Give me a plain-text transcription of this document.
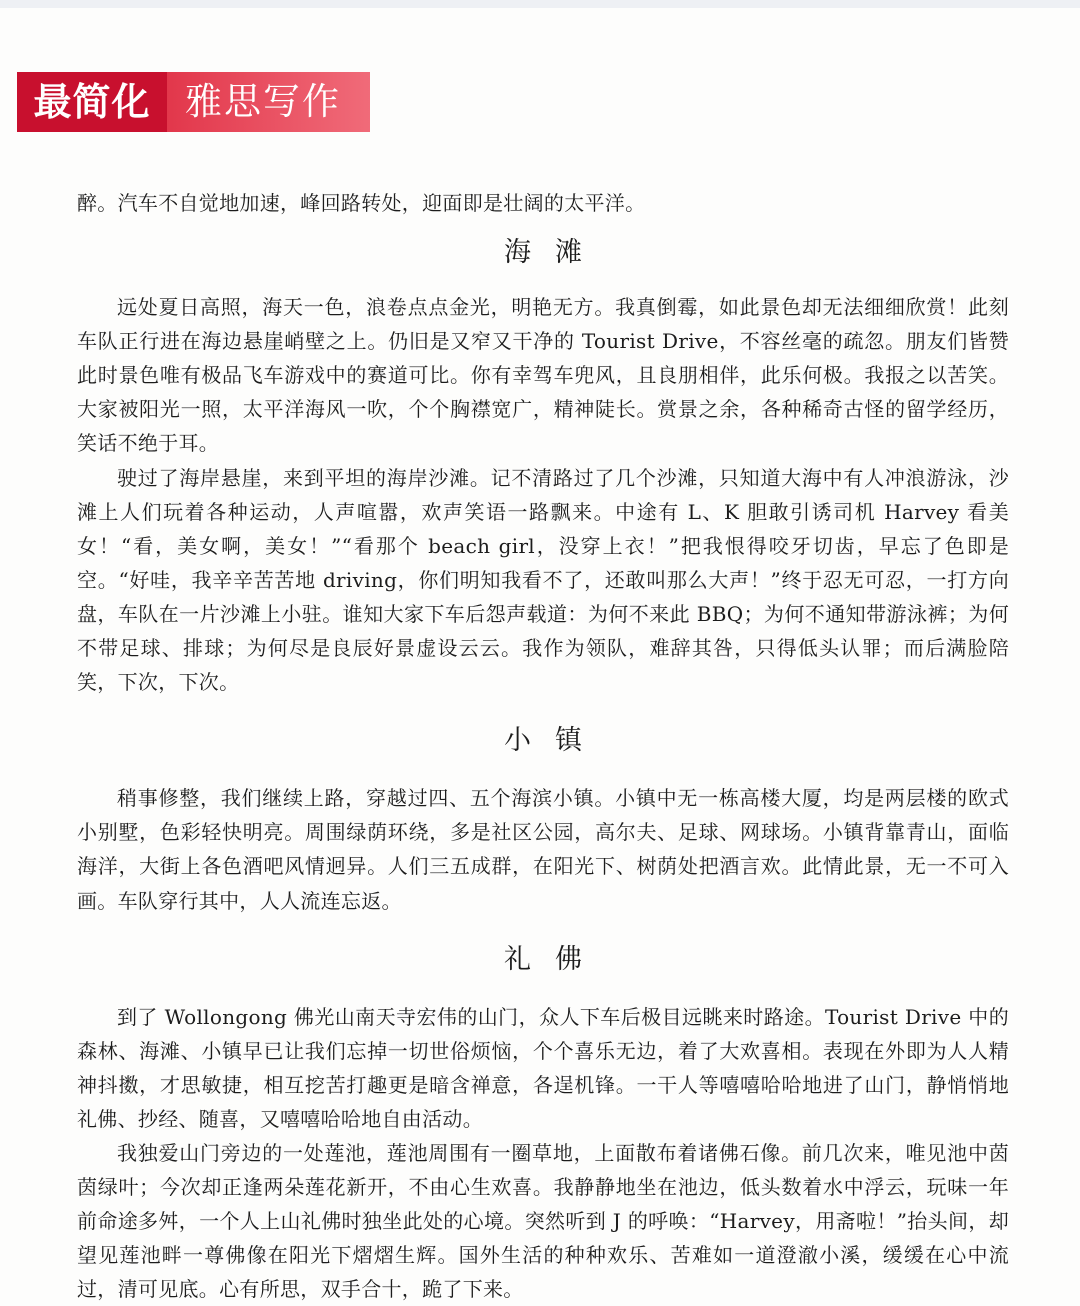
最简化 雅思写作

醉。汽车不自觉地加速，峰回路转处，迎面即是壮阔的太平洋。

海滩

远处夏日高照，海天一色，浪卷点点金光，明艳无方。我真倒霉，如此景色却无法细细欣赏！此刻车队正行进在海边悬崖峭壁之上。仍旧是又窄又干净的 Tourist Drive，不容丝毫的疏忽。朋友们皆赞此时景色唯有极品飞车游戏中的赛道可比。你有幸驾车兜风，且良朋相伴，此乐何极。我报之以苦笑。大家被阳光一照，太平洋海风一吹，个个胸襟宽广，精神陡长。赏景之余，各种稀奇古怪的留学经历，笑话不绝于耳。

驶过了海岸悬崖，来到平坦的海岸沙滩。记不清路过了几个沙滩，只知道大海中有人冲浪游泳，沙滩上人们玩着各种运动，人声喧嚣，欢声笑语一路飘来。中途有 L、K 胆敢引诱司机 Harvey 看美女！“看，美女啊，美女！”“看那个 beach girl，没穿上衣！”把我恨得咬牙切齿，早忘了色即是空。“好哇，我辛辛苦苦地 driving，你们明知我看不了，还敢叫那么大声！”终于忍无可忍，一打方向盘，车队在一片沙滩上小驻。谁知大家下车后怨声载道：为何不来此 BBQ；为何不通知带游泳裤；为何不带足球、排球；为何尽是良辰好景虚设云云。我作为领队，难辞其咎，只得低头认罪；而后满脸陪笑，下次，下次。

小镇

稍事修整，我们继续上路，穿越过四、五个海滨小镇。小镇中无一栋高楼大厦，均是两层楼的欧式小别墅，色彩轻快明亮。周围绿荫环绕，多是社区公园，高尔夫、足球、网球场。小镇背靠青山，面临海洋，大街上各色酒吧风情迥异。人们三五成群，在阳光下、树荫处把酒言欢。此情此景，无一不可入画。车队穿行其中，人人流连忘返。

礼佛

到了 Wollongong 佛光山南天寺宏伟的山门，众人下车后极目远眺来时路途。Tourist Drive 中的森林、海滩、小镇早已让我们忘掉一切世俗烦恼，个个喜乐无边，着了大欢喜相。表现在外即为人人精神抖擞，才思敏捷，相互挖苦打趣更是暗含禅意，各逞机锋。一干人等嘻嘻哈哈地进了山门，静悄悄地礼佛、抄经、随喜，又嘻嘻哈哈地自由活动。

我独爱山门旁边的一处莲池，莲池周围有一圈草地，上面散布着诸佛石像。前几次来，唯见池中茵茵绿叶；今次却正逢两朵莲花新开，不由心生欢喜。我静静地坐在池边，低头数着水中浮云，玩味一年前命途多舛，一个人上山礼佛时独坐此处的心境。突然听到 J 的呼唤：“Harvey，用斋啦！”抬头间，却望见莲池畔一尊佛像在阳光下熠熠生辉。国外生活的种种欢乐、苦难如一道澄澈小溪，缓缓在心中流过，清可见底。心有所思，双手合十，跪了下来。
